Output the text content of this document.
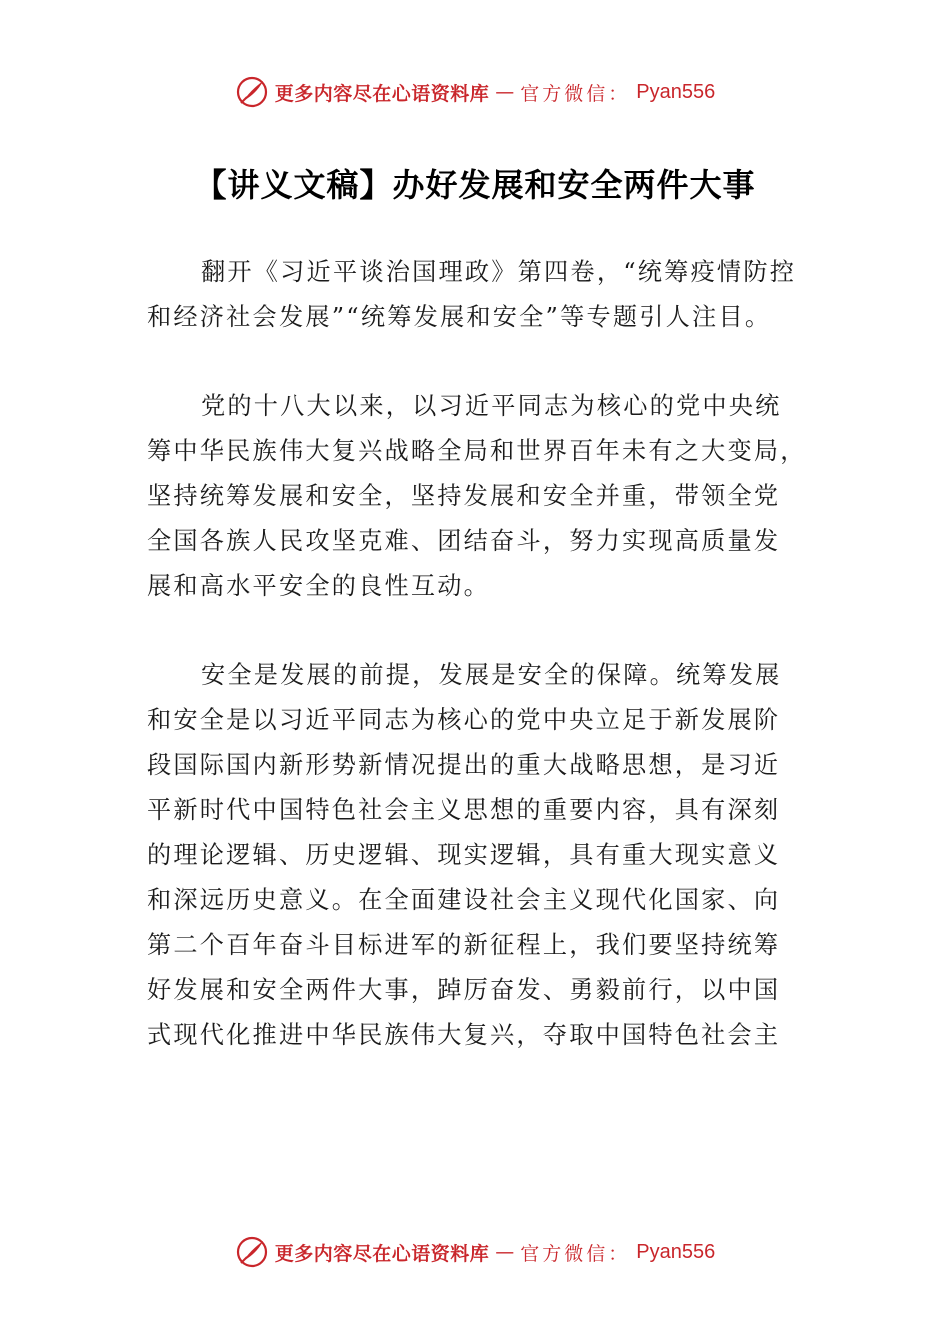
更多内容尽在心语资料库 — 官方微信： Pyan556
【讲义文稿】办好发展和安全两件大事
翻开《习近平谈治国理政》第四卷，“统筹疫情防控
和经济社会发展”“统筹发展和安全”等专题引人注目。
党的十八大以来，以习近平同志为核心的党中央统
筹中华民族伟大复兴战略全局和世界百年未有之大变局，
坚持统筹发展和安全，坚持发展和安全并重，带领全党
全国各族人民攻坚克难、团结奋斗，努力实现高质量发
展和高水平安全的良性互动。
安全是发展的前提，发展是安全的保障。统筹发展
和安全是以习近平同志为核心的党中央立足于新发展阶
段国际国内新形势新情况提出的重大战略思想，是习近
平新时代中国特色社会主义思想的重要内容，具有深刻
的理论逻辑、历史逻辑、现实逻辑，具有重大现实意义
和深远历史意义。在全面建设社会主义现代化国家、向
第二个百年奋斗目标进军的新征程上，我们要坚持统筹
好发展和安全两件大事，踔厉奋发、勇毅前行，以中国
式现代化推进中华民族伟大复兴，夺取中国特色社会主
更多内容尽在心语资料库 — 官方微信： Pyan556
